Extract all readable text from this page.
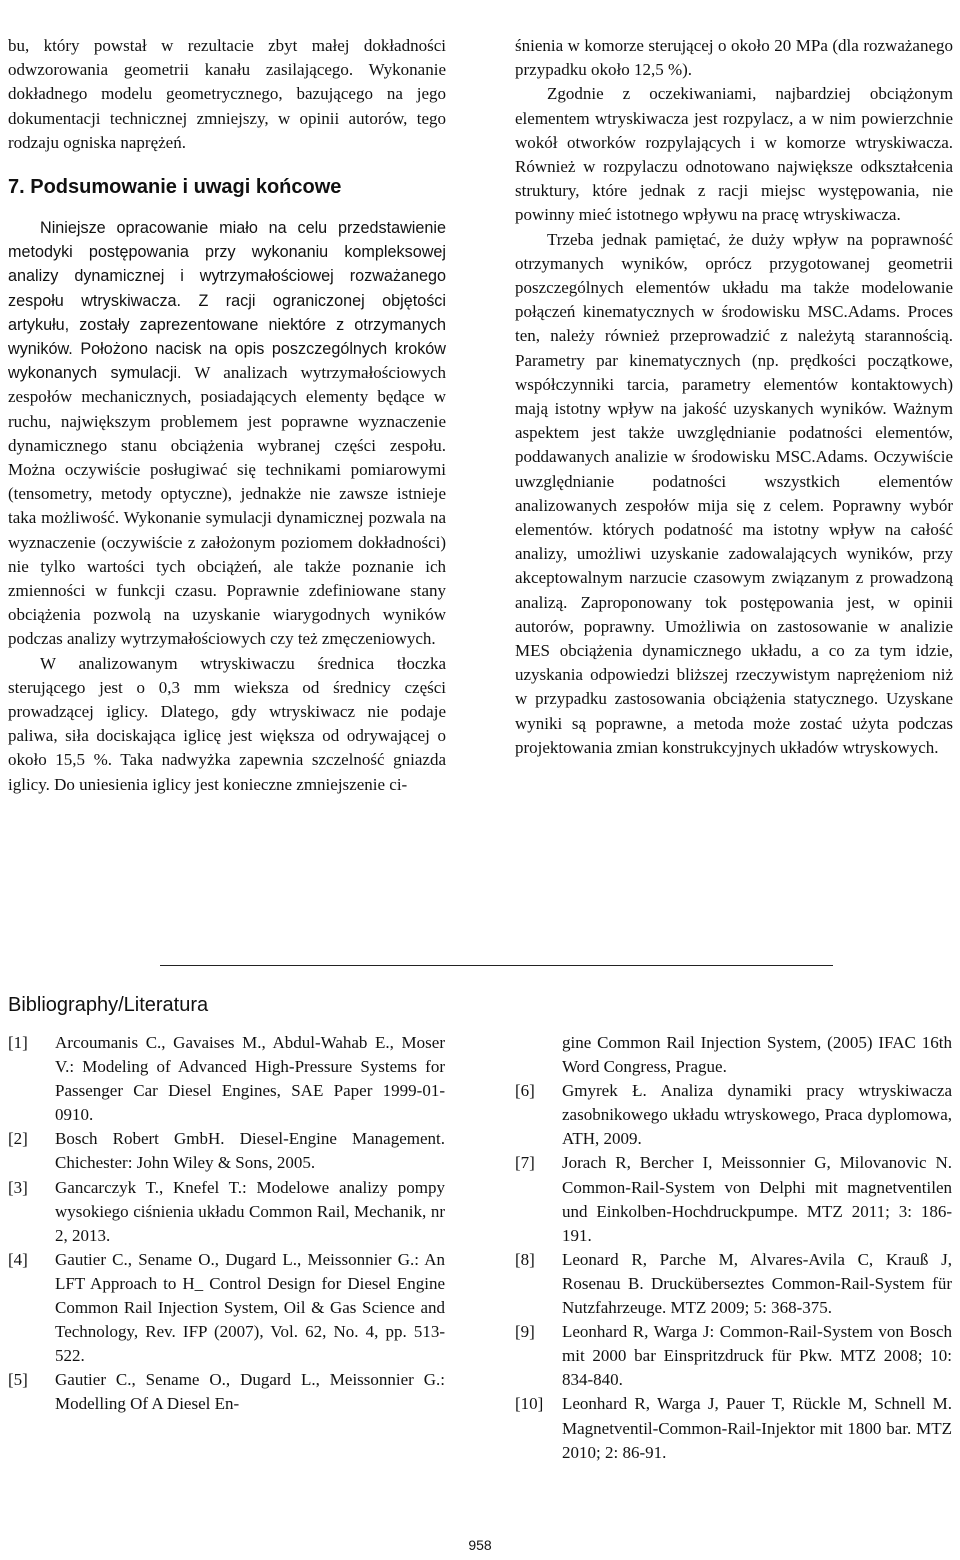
bu, który powstał w rezultacie zbyt małej dokładności odwzorowania geometrii kanału zasilającego. Wykonanie dokładnego modelu geometrycznego, bazującego na jego dokumentacji technicznej zmniejszy, w opinii autorów, tego rodzaju ogniska naprężeń.

7. Podsumowanie i uwagi końcowe

Niniejsze opracowanie miało na celu przedstawienie metodyki postępowania przy wykonaniu kompleksowej analizy dynamicznej i wytrzymałościowej rozważanego zespołu wtryskiwacza. Z racji ograniczonej objętości artykułu, zostały zaprezentowane niektóre z otrzymanych wyników. Położono nacisk na opis poszczególnych kroków wykonanych symulacji. W analizach wytrzymałościowych zespołów mechanicznych, posiadających elementy będące w ruchu, największym problemem jest poprawne wyznaczenie dynamicznego stanu obciążenia wybranej części zespołu. Można oczywiście posługiwać się technikami pomiarowymi (tensometry, metody optyczne), jednakże nie zawsze istnieje taka możliwość. Wykonanie symulacji dynamicznej pozwala na wyznaczenie (oczywiście z założonym poziomem dokładności) nie tylko wartości tych obciążeń, ale także poznanie ich zmienności w funkcji czasu. Poprawnie zdefiniowane stany obciążenia pozwolą na uzyskanie wiarygodnych wyników podczas analizy wytrzymałościowych czy też zmęczeniowych.

W analizowanym wtryskiwaczu średnica tłoczka sterującego jest o 0,3 mm wieksza od średnicy części prowadzącej iglicy. Dlatego, gdy wtryskiwacz nie podaje paliwa, siła dociskająca iglicę jest większa od odrywającej o około 15,5 %. Taka nadwyżka zapewnia szczelność gniazda iglicy. Do uniesienia iglicy jest konieczne zmniejszenie ci-

śnienia w komorze sterującej o około 20 MPa (dla rozważanego przypadku około 12,5 %).

Zgodnie z oczekiwaniami, najbardziej obciążonym elementem wtryskiwacza jest rozpylacz, a w nim powierzchnie wokół otworków rozpylających i w komorze wtryskiwacza. Również w rozpylaczu odnotowano największe odkształcenia struktury, które jednak z racji miejsc występowania, nie powinny mieć istotnego wpływu na pracę wtryskiwacza.

Trzeba jednak pamiętać, że duży wpływ na poprawność otrzymanych wyników, oprócz przygotowanej geometrii poszczególnych elementów układu ma także modelowanie połączeń kinematycznych w środowisku MSC.Adams. Proces ten, należy również przeprowadzić z należytą starannością. Parametry par kinematycznych (np. prędkości początkowe, współczynniki tarcia, parametry elementów kontaktowych) mają istotny wpływ na jakość uzyskanych wyników. Ważnym aspektem jest także uwzględnianie podatności elementów, poddawanych analizie w środowisku MSC.Adams. Oczywiście uwzględnianie podatności wszystkich elementów analizowanych zespołów mija się z celem. Poprawny wybór elementów. których podatność ma istotny wpływ na całość analizy, umożliwi uzyskanie zadowalających wyników, przy akceptowalnym narzucie czasowym związanym z prowadzoną analizą. Zaproponowany tok postępowania jest, w opinii autorów, poprawny. Umożliwia on zastosowanie w analizie MES obciążenia dynamicznego układu, a co za tym idzie, uzyskania odpowiedzi bliższej rzeczywistym naprężeniom niż w przypadku zastosowania obciążenia statycznego. Uzyskane wyniki są poprawne, a metoda może zostać użyta podczas projektowania zmian konstrukcyjnych układów wtryskowych.

Bibliography/Literatura
[1]	Arcoumanis C., Gavaises M., Abdul-Wahab E., Moser V.: Modeling of Advanced High-Pressure Systems for Passenger Car Diesel Engines, SAE Paper 1999-01-0910.
[2]	Bosch Robert GmbH. Diesel-Engine Management. Chichester: John Wiley & Sons, 2005.
[3]	Gancarczyk T., Knefel T.: Modelowe analizy pompy wysokiego ciśnienia układu Common Rail, Mechanik, nr 2, 2013.
[4]	Gautier C., Sename O., Dugard L., Meissonnier G.: An LFT Approach to H_ Control Design for Diesel Engine Common Rail Injection System, Oil & Gas Science and Technology, Rev. IFP (2007), Vol. 62, No. 4, pp. 513-522.
[5]	Gautier C., Sename O., Dugard L., Meissonnier G.: Modelling Of A Diesel En-
gine Common Rail Injection System, (2005) IFAC 16th Word Congress, Prague.
[6]	Gmyrek Ł. Analiza dynamiki pracy wtryskiwacza zasobnikowego układu wtryskowego, Praca dyplomowa, ATH, 2009.
[7]	Jorach R, Bercher I, Meissonnier G, Milovanovic N. Common-Rail-System von Delphi mit magnetventilen und Einkolben-Hochdruckpumpe. MTZ 2011; 3: 186-191.
[8]	Leonard R, Parche M, Alvares-Avila C, Krauß J, Rosenau B. Drucküberseztes Common-Rail-System für Nutzfahrzeuge. MTZ 2009; 5: 368-375.
[9]	Leonhard R, Warga J: Common-Rail-System von Bosch mit 2000 bar Einspritzdruck für Pkw. MTZ 2008; 10: 834-840.
[10]	Leonhard R, Warga J, Pauer T, Rückle M, Schnell M. Magnetventil-Common-Rail-Injektor mit 1800 bar. MTZ 2010; 2: 86-91.
958
